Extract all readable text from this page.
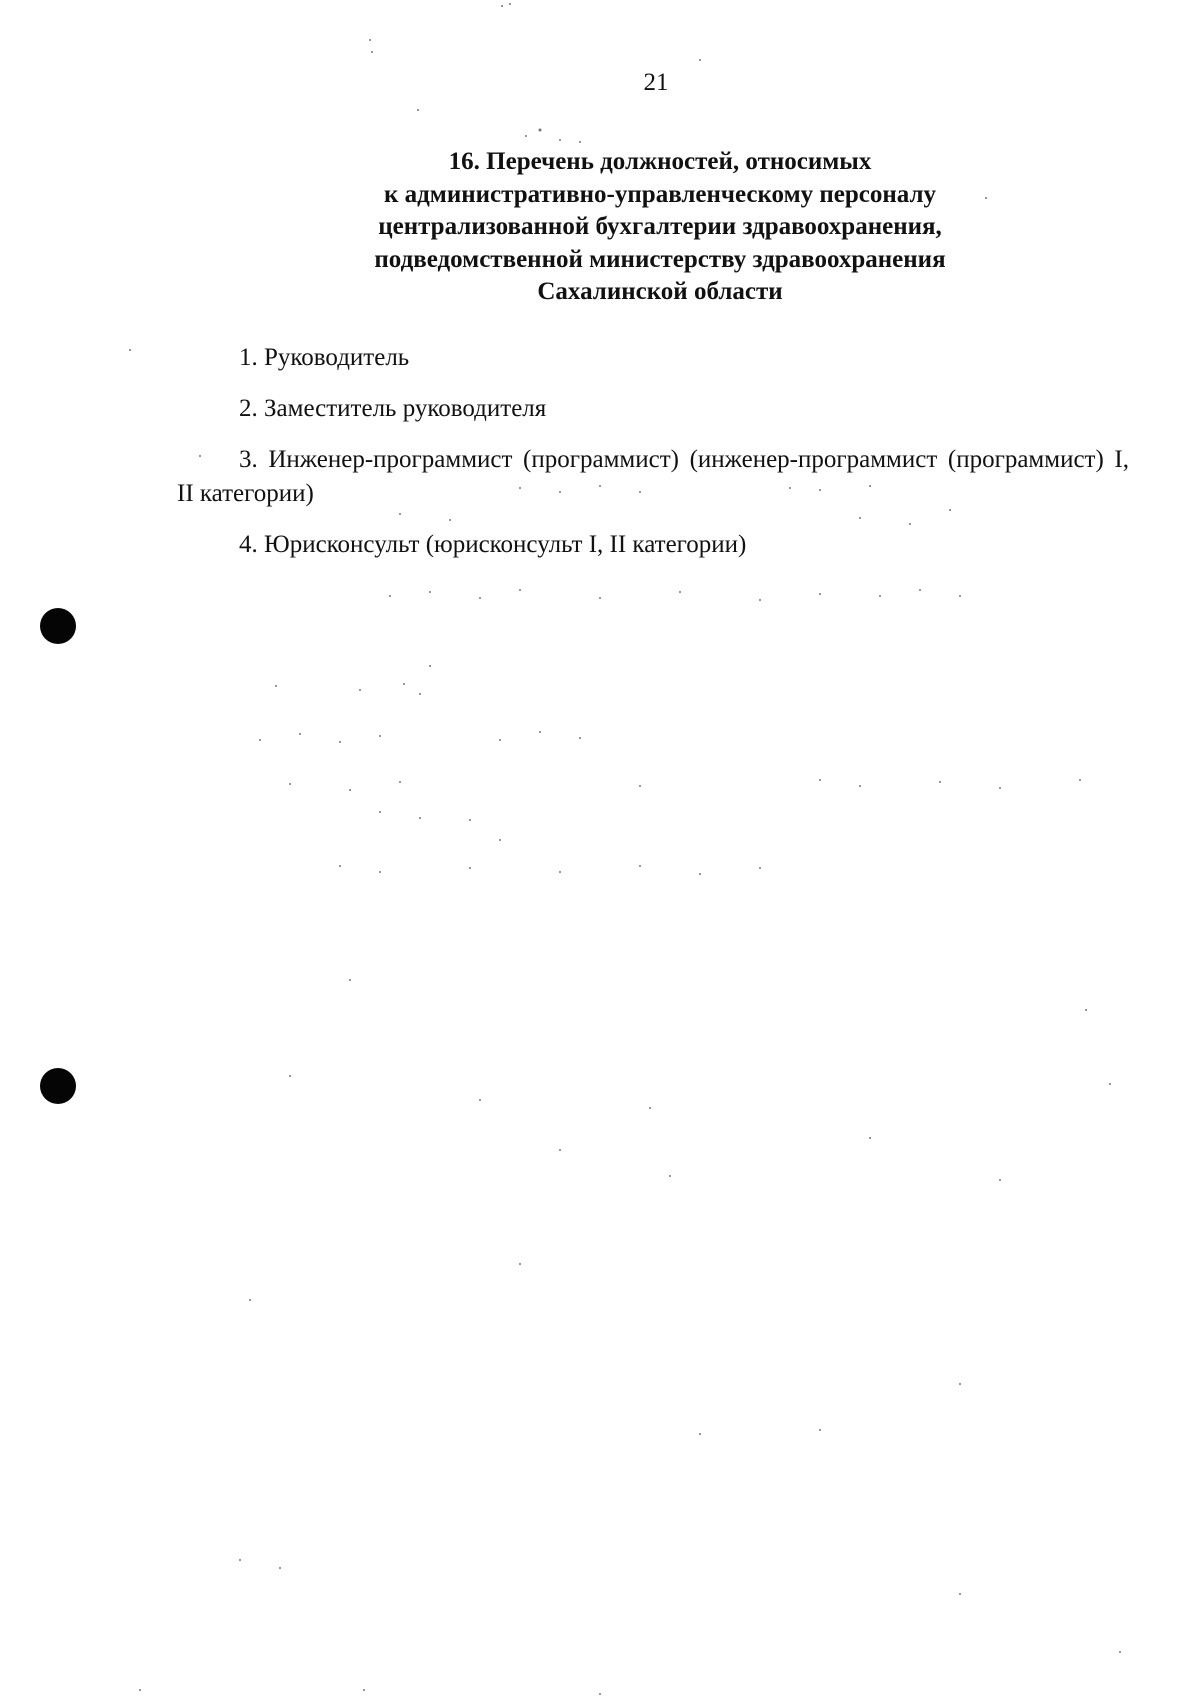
21
16. Перечень должностей, относимых
к административно-управленческому персоналу
централизованной бухгалтерии здравоохранения,
подведомственной министерству здравоохранения
Сахалинской области

1. Руководитель

2. Заместитель руководителя

3. Инженер-программист (программист) (инженер-программист (программист) I, II категории)

4. Юрисконсульт (юрисконсульт I, II категории)
